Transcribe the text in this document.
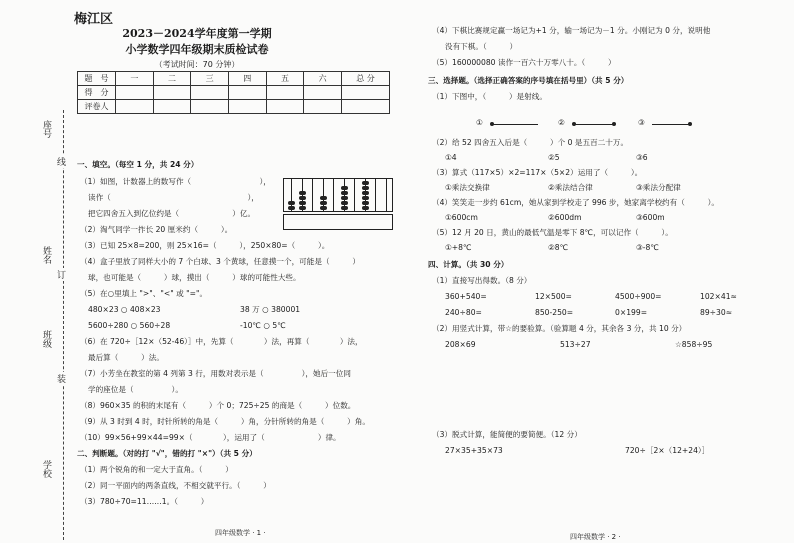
梅江区
座号
姓名
班级
学校
线
订
装
2023－2024学年度第一学期
小学数学四年级期末质检试卷
（考试时间：70 分钟）
题　号	一	二	三	四	五	六	总 分
得　分							
评卷人							
一、填空。（每空 1 分，共 24 分）
（1）如图，计数器上的数写作（　　　　　　　　　），
读作（　　　　　　　　　　　　　　　　　　），
把它四舍五入到亿位约是（　　　　　　　）亿。
（2）淘气同学一拃长 20 厘米约（　　　）。
（3）已知 25×8=200，则 25×16=（　　　），250×80=（　　　）。
（4）盒子里放了同样大小的 7 个白球、3 个黄球，任意摸一个，可能是（　　　）
球，也可能是（　　　）球，摸出（　　　）球的可能性大些。
（5）在○里填上 ">"、"<" 或 "="。
480×23 ○ 408×23	38 万 ○ 380001
5600÷280 ○ 560÷28	-10℃ ○ 5℃
（6）在 720÷［12×（52-46）］中，先算（　　　　）法，再算（　　　　）法，
最后算（　　　）法。
（7）小芳坐在教室的第 4 列第 3 行，用数对表示是（　　　　　），她后一位同
学的座位是（　　　　　）。
（8）960×35 的积的末尾有（　　　）个 0；725÷25 的商是（　　　）位数。
（9）从 3 时到 4 时，时针所转的角是（　　　）角，分针所转的角是（　　　）角。
（10）99×56+99×44=99×（　　　　），运用了（　　　　　　　）律。
二、判断题。（对的打 "√"，错的打 "×"）（共 5 分）
（1）两个锐角的和一定大于直角。（　　　）
（2）同一平面内的两条直线，不相交就平行。（　　　）
（3）780÷70=11……1。（　　　）
四年级数学 · 1 ·
（4）下棋比赛规定赢一场记为+1 分，输一场记为－1 分。小刚记为 0 分，说明他
没有下棋。（　　　）
（5）160000080 读作一百六十万零八十。（　　　）
三、选择题。（选择正确答案的序号填在括号里）（共 5 分）
（1）下图中，（　　　）是射线。
①	②	③
（2）给 52 四舍五入后是（　　　）个 0 是五百二十万。
①4	②5	③6
（3）算式（117×5）×2=117×（5×2）运用了（　　　）。
①乘法交换律	②乘法结合律	③乘法分配律
（4）笑笑走一步约 61cm，她从家到学校走了 996 步，她家离学校约有（　　　）。
①600cm	②600dm	③600m
（5）12 月 20 日，黄山的最低气温是零下 8℃，可以记作（　　　）。
①+8℃	②8℃	③-8℃
四、计算。（共 30 分）
（1）直接写出得数。（8 分）
360+540=	12×500=	4500÷900=	102×41≈
240÷80=	850-250=	0×199=	89÷30≈
（2）用竖式计算，带☆的要验算。（验算题 4 分，其余各 3 分，共 10 分）
208×69	513÷27	☆858÷95
（3）脱式计算，能简便的要简便。（12 分）
27×35+35×73	720÷［2×（12+24）］
四年级数学 · 2 ·
